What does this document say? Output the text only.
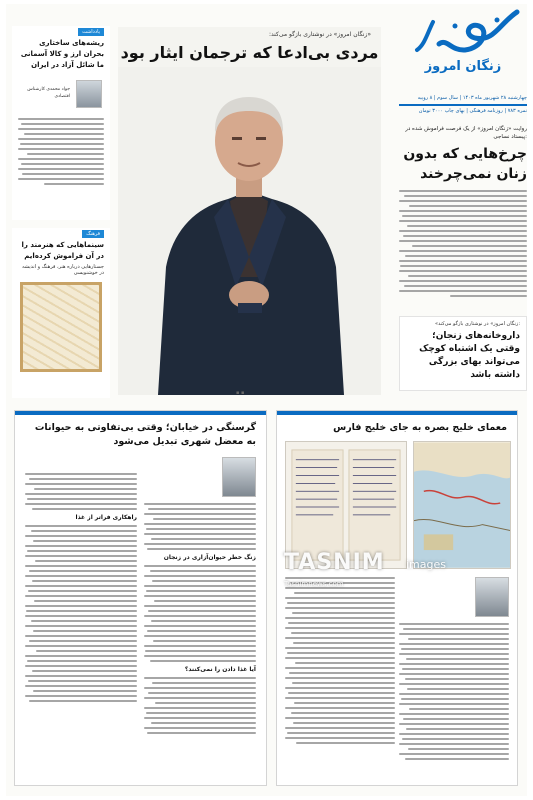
زنگان امروز
چهارشنبه ۲۸ شهریور ماه ۱۴۰۳ | سال سوم | ۸ روپیه
نمره ۷۸۳ | روزنامه فرهنگی | بهای چاپ ۳۰۰۰ تومان
روایت «زنگان امروز» از یک فرصت فراموش شده در پیستاد نساجی:
چرخ‌هایی که بدون زنان نمی‌چرخند
«زنگان امروز» در نوشتاری بازگو می‌کند:
داروخانه‌های زنجان؛ وقتی یک اشتباه کوچک می‌تواند بهای بزرگی داشته باشد
«زنگان امروز» در نوشتاری بازگو می‌کند:
مردی بی‌ادعا که ترجمان ایثار بود
▪ ▪
یادداشت
ریشه‌های ساختاری بحران ارز و کالا آسمانی ما شائل آزاد در ایران
جواد محمدی کارشناس اقتصادی
فرهنگ
سینماهایی که هنرمند را در آن فراموش کرده‌ایم
جستارهایی درباره هنر، فرهنگ و اندیشه در خوشنویسی
گرسنگی در خیابان؛ وقتی بی‌تفاوتی به حیوانات به معضل شهری تبدیل می‌شود
زنگ خطر حیوان‌آزاری در زنجان
آیا غذا دادن را نمی‌کنند؟
راهکاری فراتر از غذا
معمای خلیج بصره به جای خلیج فارس
TASNIM images
Tasnimnews.com
